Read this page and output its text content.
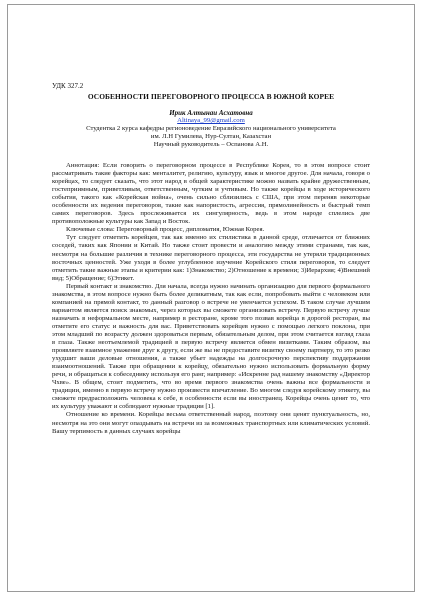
УДК 327.2
ОСОБЕННОСТИ ПЕРЕГОВОРНОГО ПРОЦЕССА В ЮЖНОЙ КОРЕЕ
Ирик Алтынаи Асхатовна
Altinaya_99@gmail.com
Студентка 2 курса кафедры регионоведение Евразийского национального университета
им. Л.Н Гумилева, Нур-Султан, Казахстан
Научный руководитель – Оспанова А.Н.

Аннотация: Если говорить о переговорном процессе в Республике Корея, то в этом вопросе стоит рассматривать такие факторы как: менталитет, религию, культуру, язык и многое другое. Для начала, говоря о корейцах, то следует сказать, что этот народ в общей характеристике можно назвать крайне дружественным, гостеприимным, приветливым, ответственным, чутким и учтивым. Но также корейцы в ходе исторического события, такого как «Корейская война», очень сильно сблизились с США, при этом переняв некоторые особенности их ведения переговоров, такие как напористость, агрессия, прямолинейность и быстрый темп самих переговоров. Здесь прослеживается их сингулярность, ведь в этом народе сплелись две противоположные культуры как Запад и Восток.

Ключевые слова: Переговорный процесс, дипломатия, Южная Корея.

Тут следует отметить корейцев, так как именно их стилистика в данной среде, отличается от ближних соседей, таких как Японии и Китай. Но также стоит провести и аналогию между этими странами, так как, несмотря на большие различия в технике переговорного процесса, эти государства не утеряли традиционных восточных ценностей. Уже уходя в более углубленное изучение Корейского стиля переговоров, то следует отметить такие важные этапы и критерии как: 1)Знакомство; 2)Отношение к времени; 3)Иерархия; 4)Внешний вид; 5)Обращение; 6)Этикет.

Первый контакт и знакомство. Для начала, всегда нужно начинать организацию для первого формального знакомства, в этом вопросе нужно быть более деликатным, так как если, попробовать выйти с человеком или компанией на прямой контакт, то данный разговор о встрече не увенчается успехом. В таком случае лучшим вариантом является поиск знакомых, через которых вы сможете организовать встречу. Первую встречу лучше назначать в неформальном месте, например в ресторане, кроме того позвав корейца в дорогой ресторан, вы отметите его статус и важность для вас. Приветствовать корейцев нужно с помощью легкого поклона, при этом младший по возрасту должен здороваться первым, обязательным делом, при этом считается взгляд глаза в глаза. Также неотъемлемой традицией в первую встречу является обмен визитками. Таким образом, вы проявляете взаимное уважение друг к другу, если же вы не предоставите визитку своему партнеру, то это резко ухудшит ваши деловые отношения, а также убьет надежды на долгосрочную перспективу поддержания взаимоотношений. Также при обращении к корейцу, обязательно нужно использовать формальную форму речи, и обращаться к собеседнику используя его ранг, например: «Искренне рад нашему знакомству «Директор Чхве». В общем, стоит подметить, что во время первого знакомства очень важны все формальности и традиции, именно в первую встречу нужно произвести впечатление. Во многом следуя корейскому этикету, вы сможете предрасположить человека к себе, в особенности если вы иностранец. Корейцы очень ценят то, что их культуру уважают и соблюдают нужные традиции [1].

Отношение ко времени. Корейцы весьма ответственный народ, поэтому они ценят пунктуальность, но, несмотря на это они могут опаздывать на встречи из за возможных транспортных или климатических условий. Вашу терпимость в данных случаях корейцы
